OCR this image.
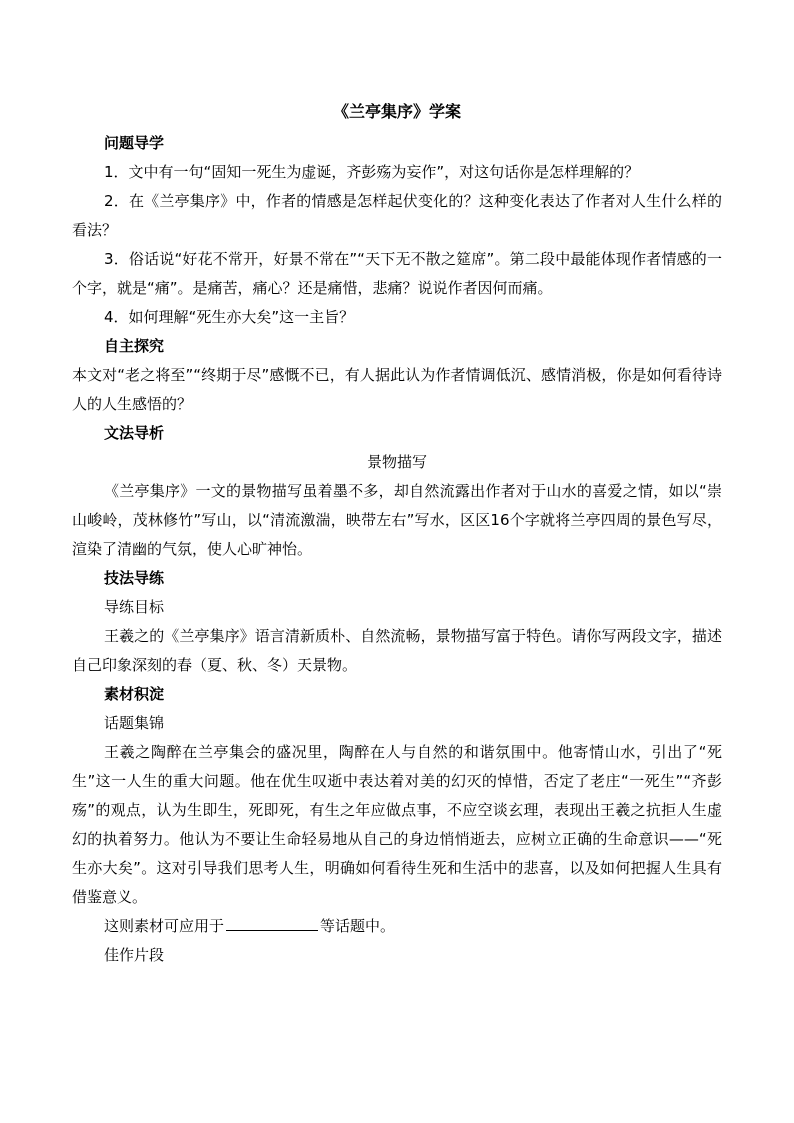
《兰亭集序》学案

问题导学

1．文中有一句“固知一死生为虚诞，齐彭殇为妄作”，对这句话你是怎样理解的？

2．在《兰亭集序》中，作者的情感是怎样起伏变化的？这种变化表达了作者对人生什么样的看法？

3．俗话说“好花不常开，好景不常在”“天下无不散之筵席”。第二段中最能体现作者情感的一个字，就是“痛”。是痛苦，痛心？还是痛惜，悲痛？说说作者因何而痛。

4．如何理解“死生亦大矣”这一主旨？

自主探究

本文对“老之将至”“终期于尽”感慨不已，有人据此认为作者情调低沉、感情消极，你是如何看待诗人的人生感悟的？

文法导析

景物描写

《兰亭集序》一文的景物描写虽着墨不多，却自然流露出作者对于山水的喜爱之情，如以“崇山峻岭，茂林修竹”写山，以“清流激湍，映带左右”写水，区区16个字就将兰亭四周的景色写尽，渲染了清幽的气氛，使人心旷神怡。

技法导练

导练目标

王羲之的《兰亭集序》语言清新质朴、自然流畅，景物描写富于特色。请你写两段文字，描述自己印象深刻的春（夏、秋、冬）天景物。

素材积淀

话题集锦

王羲之陶醉在兰亭集会的盛况里，陶醉在人与自然的和谐氛围中。他寄情山水，引出了“死生”这一人生的重大问题。他在优生叹逝中表达着对美的幻灭的悼惜，否定了老庄“一死生”“齐彭殇”的观点，认为生即生，死即死，有生之年应做点事，不应空谈玄理，表现出王羲之抗拒人生虚幻的执着努力。他认为不要让生命轻易地从自己的身边悄悄逝去，应树立正确的生命意识——“死生亦大矣”。这对引导我们思考人生，明确如何看待生死和生活中的悲喜，以及如何把握人生具有借鉴意义。

这则素材可应用于	等话题中。

佳作片段
